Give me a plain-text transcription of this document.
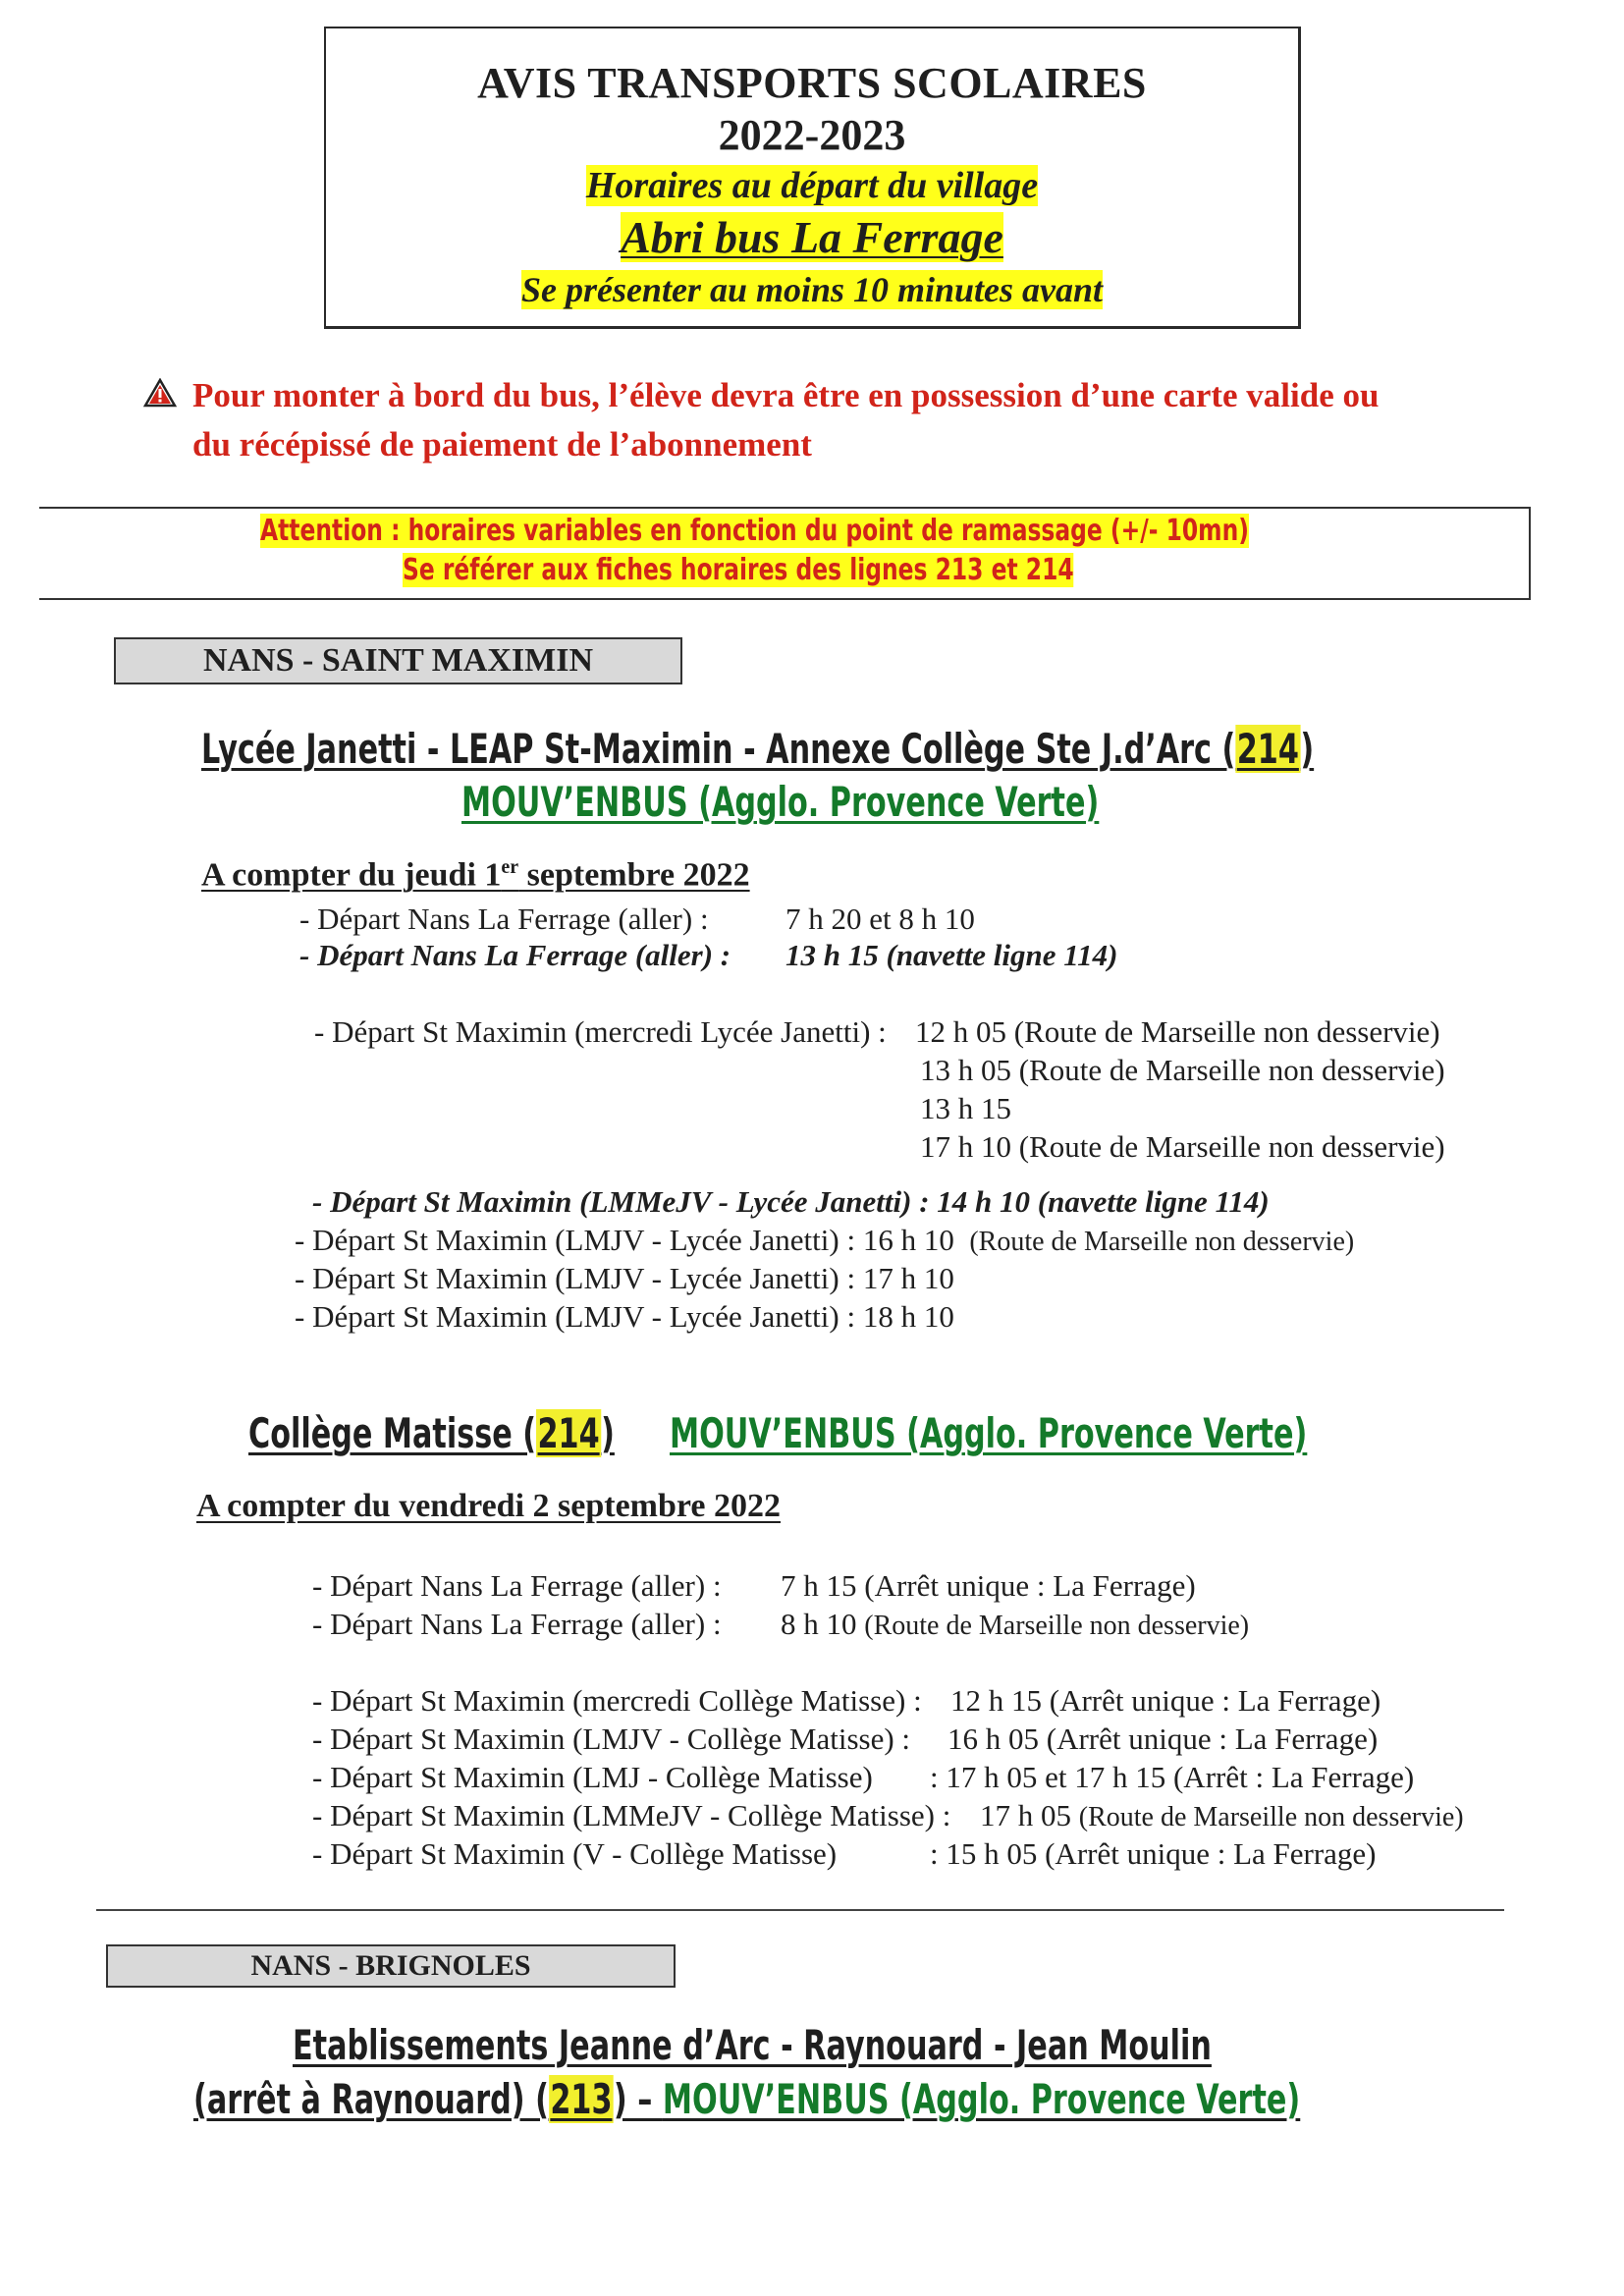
AVIS TRANSPORTS SCOLAIRES
2022-2023
Horaires au départ du village
Abri bus La Ferrage
Se présenter au moins 10 minutes avant
Pour monter à bord du bus, l’élève devra être en possession d’une carte valide ou
du récépissé de paiement de l’abonnement
Attention : horaires variables en fonction du point de ramassage (+/- 10mn)
Se référer aux fiches horaires des lignes 213 et 214
NANS - SAINT MAXIMIN
Lycée Janetti - LEAP St-Maximin - Annexe Collège Ste J.d’Arc (214)
MOUV’ENBUS (Agglo. Provence Verte)
A compter du jeudi 1er septembre 2022
- Départ Nans La Ferrage (aller) :	7 h 20 et 8 h 10
- Départ Nans La Ferrage (aller) : 13 h 15 (navette ligne 114)
- Départ St Maximin (mercredi Lycée Janetti) : 12 h 05 (Route de Marseille non desservie)
13 h 05 (Route de Marseille non desservie)
13 h 15
17 h 10 (Route de Marseille non desservie)
- Départ St Maximin (LMMeJV - Lycée Janetti) : 14 h 10 (navette ligne 114)
- Départ St Maximin (LMJV - Lycée Janetti) : 16 h 10 (Route de Marseille non desservie)
- Départ St Maximin (LMJV - Lycée Janetti) : 17 h 10
- Départ St Maximin (LMJV - Lycée Janetti) : 18 h 10
Collège Matisse (214)	MOUV’ENBUS (Agglo. Provence Verte)
A compter du vendredi 2 septembre 2022
- Départ Nans La Ferrage (aller) : 7 h 15 (Arrêt unique : La Ferrage)
- Départ Nans La Ferrage (aller) : 8 h 10 (Route de Marseille non desservie)
- Départ St Maximin (mercredi Collège Matisse) : 12 h 15 (Arrêt unique : La Ferrage)
- Départ St Maximin (LMJV - Collège Matisse) : 16 h 05 (Arrêt unique : La Ferrage)
- Départ St Maximin (LMJ - Collège Matisse) : 17 h 05 et 17 h 15 (Arrêt : La Ferrage)
- Départ St Maximin (LMMeJV - Collège Matisse) : 17 h 05 (Route de Marseille non desservie)
- Départ St Maximin (V - Collège Matisse)	: 15 h 05 (Arrêt unique : La Ferrage)
NANS - BRIGNOLES
Etablissements Jeanne d’Arc - Raynouard - Jean Moulin
(arrêt à Raynouard) (213) – MOUV’ENBUS (Agglo. Provence Verte)
